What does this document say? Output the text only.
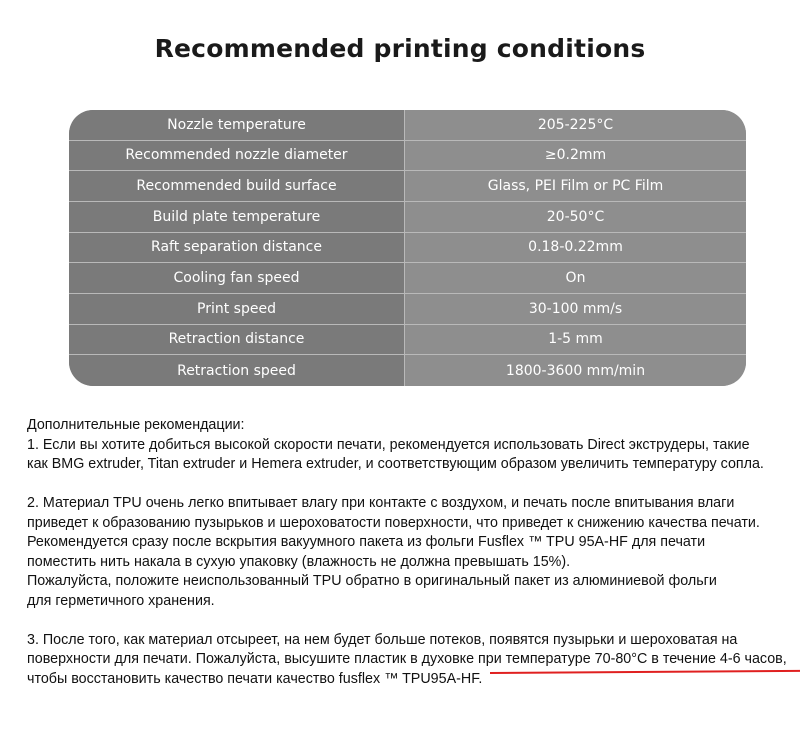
Recommended printing conditions
Nozzle temperature	205-225°C
Recommended nozzle diameter	≥0.2mm
Recommended build surface	Glass, PEI Film or PC Film
Build plate temperature	20-50°C
Raft separation distance	0.18-0.22mm
Cooling fan speed	On
Print speed	30-100 mm/s
Retraction distance	1-5 mm
Retraction speed	1800-3600 mm/min

Дополнительные рекомендации:

1. Если вы хотите добиться высокой скорости печати, рекомендуется использовать Direct экструдеры, такие

как BMG extruder, Titan extruder и Hemera extruder, и соответствующим образом увеличить температуру сопла.

2. Материал TPU очень легко впитывает влагу при контакте с воздухом, и печать после впитывания влаги

приведет к образованию пузырьков и шероховатости поверхности, что приведет к снижению качества печати.

Рекомендуется сразу после вскрытия вакуумного пакета из фольги Fusflex ™ TPU 95A-HF для печати

поместить нить накала в сухую упаковку (влажность не должна превышать 15%).

Пожалуйста, положите неиспользованный TPU обратно в оригинальный пакет из алюминиевой фольги

для герметичного хранения.

3. После того, как материал отсыреет, на нем будет больше потеков, появятся пузырьки и шероховатая на

поверхности для печати. Пожалуйста, высушите пластик в духовке при температуре 70-80°C в течение 4-6 часов,

чтобы восстановить качество печати качество fusflex ™ TPU95A-HF.
